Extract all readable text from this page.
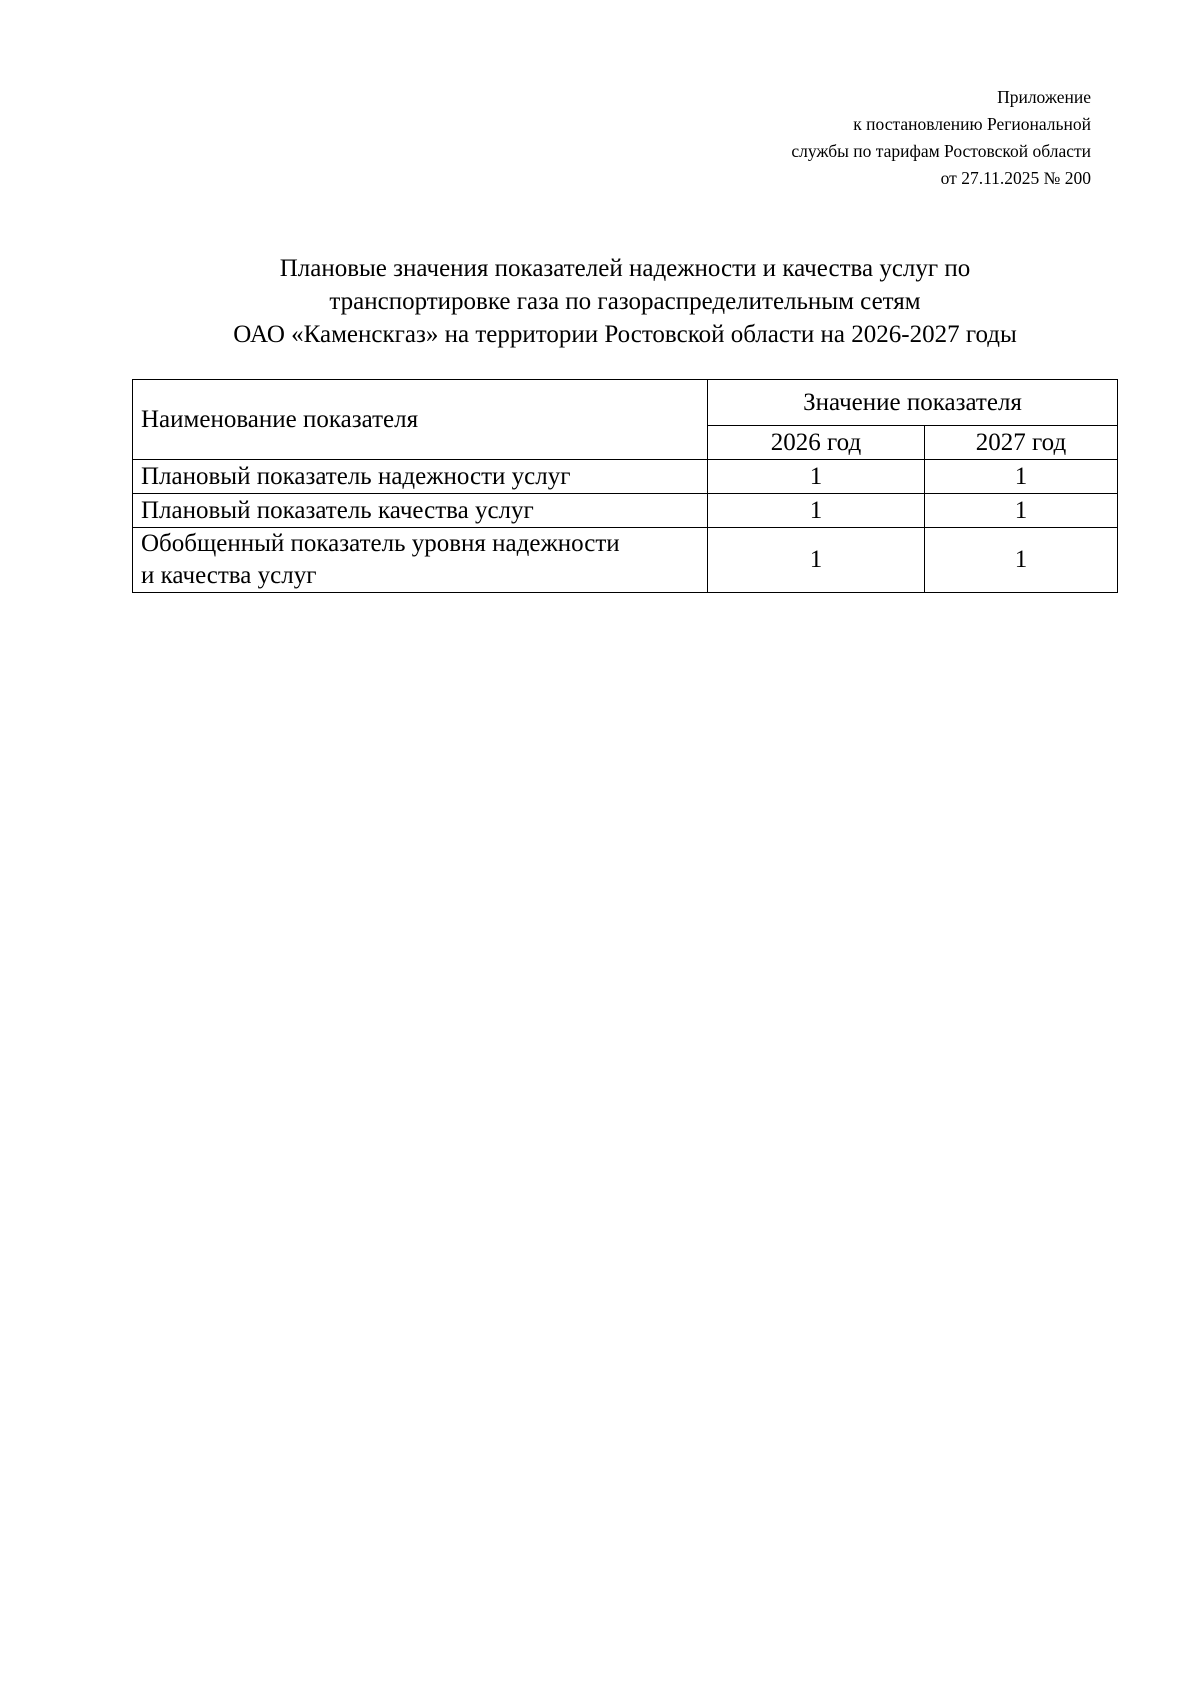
Приложение
к постановлению Региональной
службы по тарифам Ростовской области
от 27.11.2025 № 200
Плановые значения показателей надежности и качества услуг по
транспортировке газа по газораспределительным сетям
ОАО «Каменскгаз» на территории Ростовской области на 2026-2027 годы
Наименование показателя	Значение показателя	
	2026 год	2027 год
Плановый показатель надежности услуг	1	1
Плановый показатель качества услуг	1	1

Обобщенный показатель уровня надежности
и качества услуг	1	1
